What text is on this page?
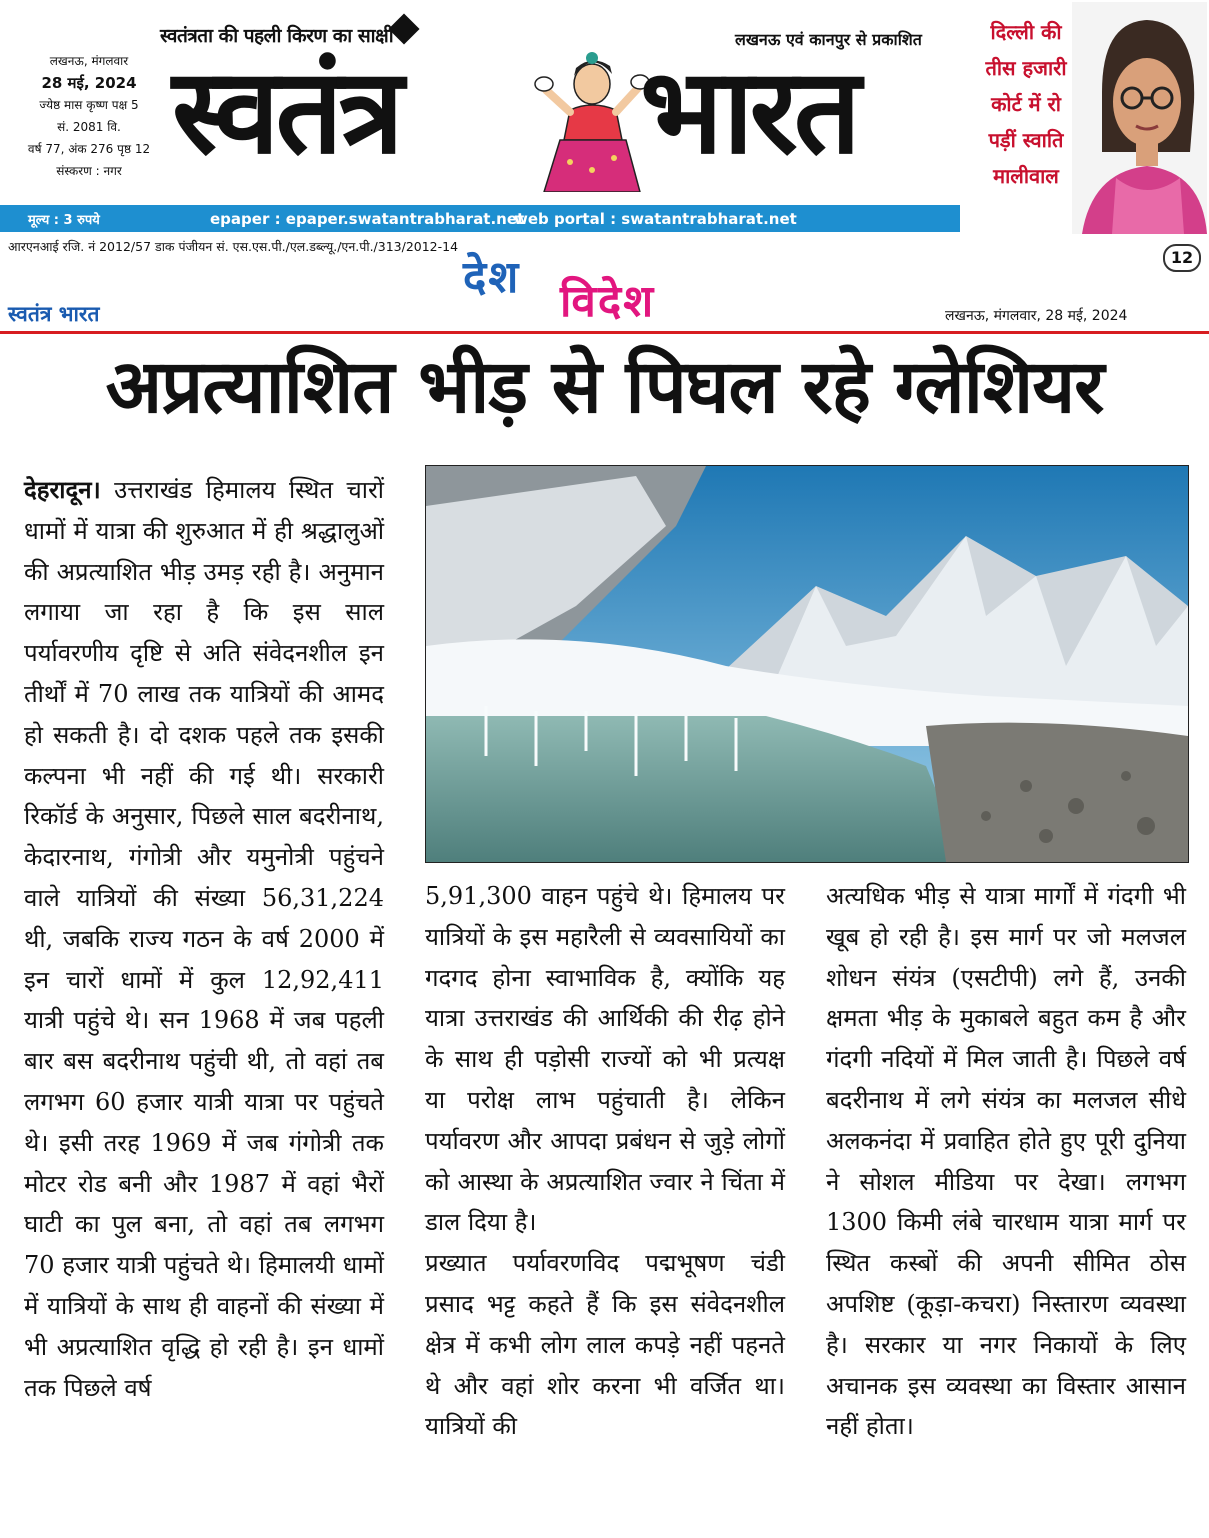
स्वतंत्रता की पहली किरण का साक्षी	लखनऊ एवं कानपुर से प्रकाशित
लखनऊ, मंगलवार
28 मई, 2024
ज्येष्ठ मास कृष्ण पक्ष 5
सं. 2081 वि.
वर्ष 77, अंक 276 पृष्ठ 12
संस्करण : नगर स्वतंत्र भारत
मूल्य : 3 रुपये	epaper : epaper.swatantrabharat.net
web portal : swatantrabharat.net
दिल्ली की
तीस हजारी
कोर्ट में रो
पड़ीं स्वाति
मालीवाल
आरएनआई रजि. नं 2012/57 डाक पंजीयन सं. एस.एस.पी./एल.डब्ल्यू./एन.पी./313/2012-14
12
स्वतंत्र भारत
देश विदेश	लखनऊ, मंगलवार, 28 मई, 2024
अप्रत्याशित भीड़ से पिघल रहे ग्लेशियर

देहरादून। उत्तराखंड हिमालय स्थित चारों धामों में यात्रा की शुरुआत में ही श्रद्धालुओं की अप्रत्याशित भीड़ उमड़ रही है। अनुमान लगाया जा रहा है कि इस साल पर्यावरणीय दृष्टि से अति संवेदनशील इन तीर्थों में 70 लाख तक यात्रियों की आमद हो सकती है। दो दशक पहले तक इसकी कल्पना भी नहीं की गई थी। सरकारी रिकॉर्ड के अनुसार, पिछले साल बदरीनाथ, केदारनाथ, गंगोत्री और यमुनोत्री पहुंचने वाले यात्रियों की संख्या 56,31,224 थी, जबकि राज्य गठन के वर्ष 2000 में इन चारों धामों में कुल 12,92,411 यात्री पहुंचे थे। सन 1968 में जब पहली बार बस बदरीनाथ पहुंची थी, तो वहां तब लगभग 60 हजार यात्री यात्रा पर पहुंचते थे। इसी तरह 1969 में जब गंगोत्री तक मोटर रोड बनी और 1987 में वहां भैरों घाटी का पुल बना, तो वहां तब लगभग 70 हजार यात्री पहुंचते थे। हिमालयी धामों में यात्रियों के साथ ही वाहनों की संख्या में भी अप्रत्याशित वृद्धि हो रही है। इन धामों तक पिछले वर्ष

5,91,300 वाहन पहुंचे थे। हिमालय पर यात्रियों के इस महारैली से व्यवसायियों का गदगद होना स्वाभाविक है, क्योंकि यह यात्रा उत्तराखंड की आर्थिकी की रीढ़ होने के साथ ही पड़ोसी राज्यों को भी प्रत्यक्ष या परोक्ष लाभ पहुंचाती है। लेकिन पर्यावरण और आपदा प्रबंधन से जुड़े लोगों को आस्था के अप्रत्याशित ज्वार ने चिंता में डाल दिया है।

प्रख्यात पर्यावरणविद पद्मभूषण चंडी प्रसाद भट्ट कहते हैं कि इस संवेदनशील क्षेत्र में कभी लोग लाल कपड़े नहीं पहनते थे और वहां शोर करना भी वर्जित था। यात्रियों की

अत्यधिक भीड़ से यात्रा मार्गों में गंदगी भी खूब हो रही है। इस मार्ग पर जो मलजल शोधन संयंत्र (एसटीपी) लगे हैं, उनकी क्षमता भीड़ के मुकाबले बहुत कम है और गंदगी नदियों में मिल जाती है। पिछले वर्ष बदरीनाथ में लगे संयंत्र का मलजल सीधे अलकनंदा में प्रवाहित होते हुए पूरी दुनिया ने सोशल मीडिया पर देखा। लगभग 1300 किमी लंबे चारधाम यात्रा मार्ग पर स्थित कस्बों की अपनी सीमित ठोस अपशिष्ट (कूड़ा-कचरा) निस्तारण व्यवस्था है। सरकार या नगर निकायों के लिए अचानक इस व्यवस्था का विस्तार आसान नहीं होता।
